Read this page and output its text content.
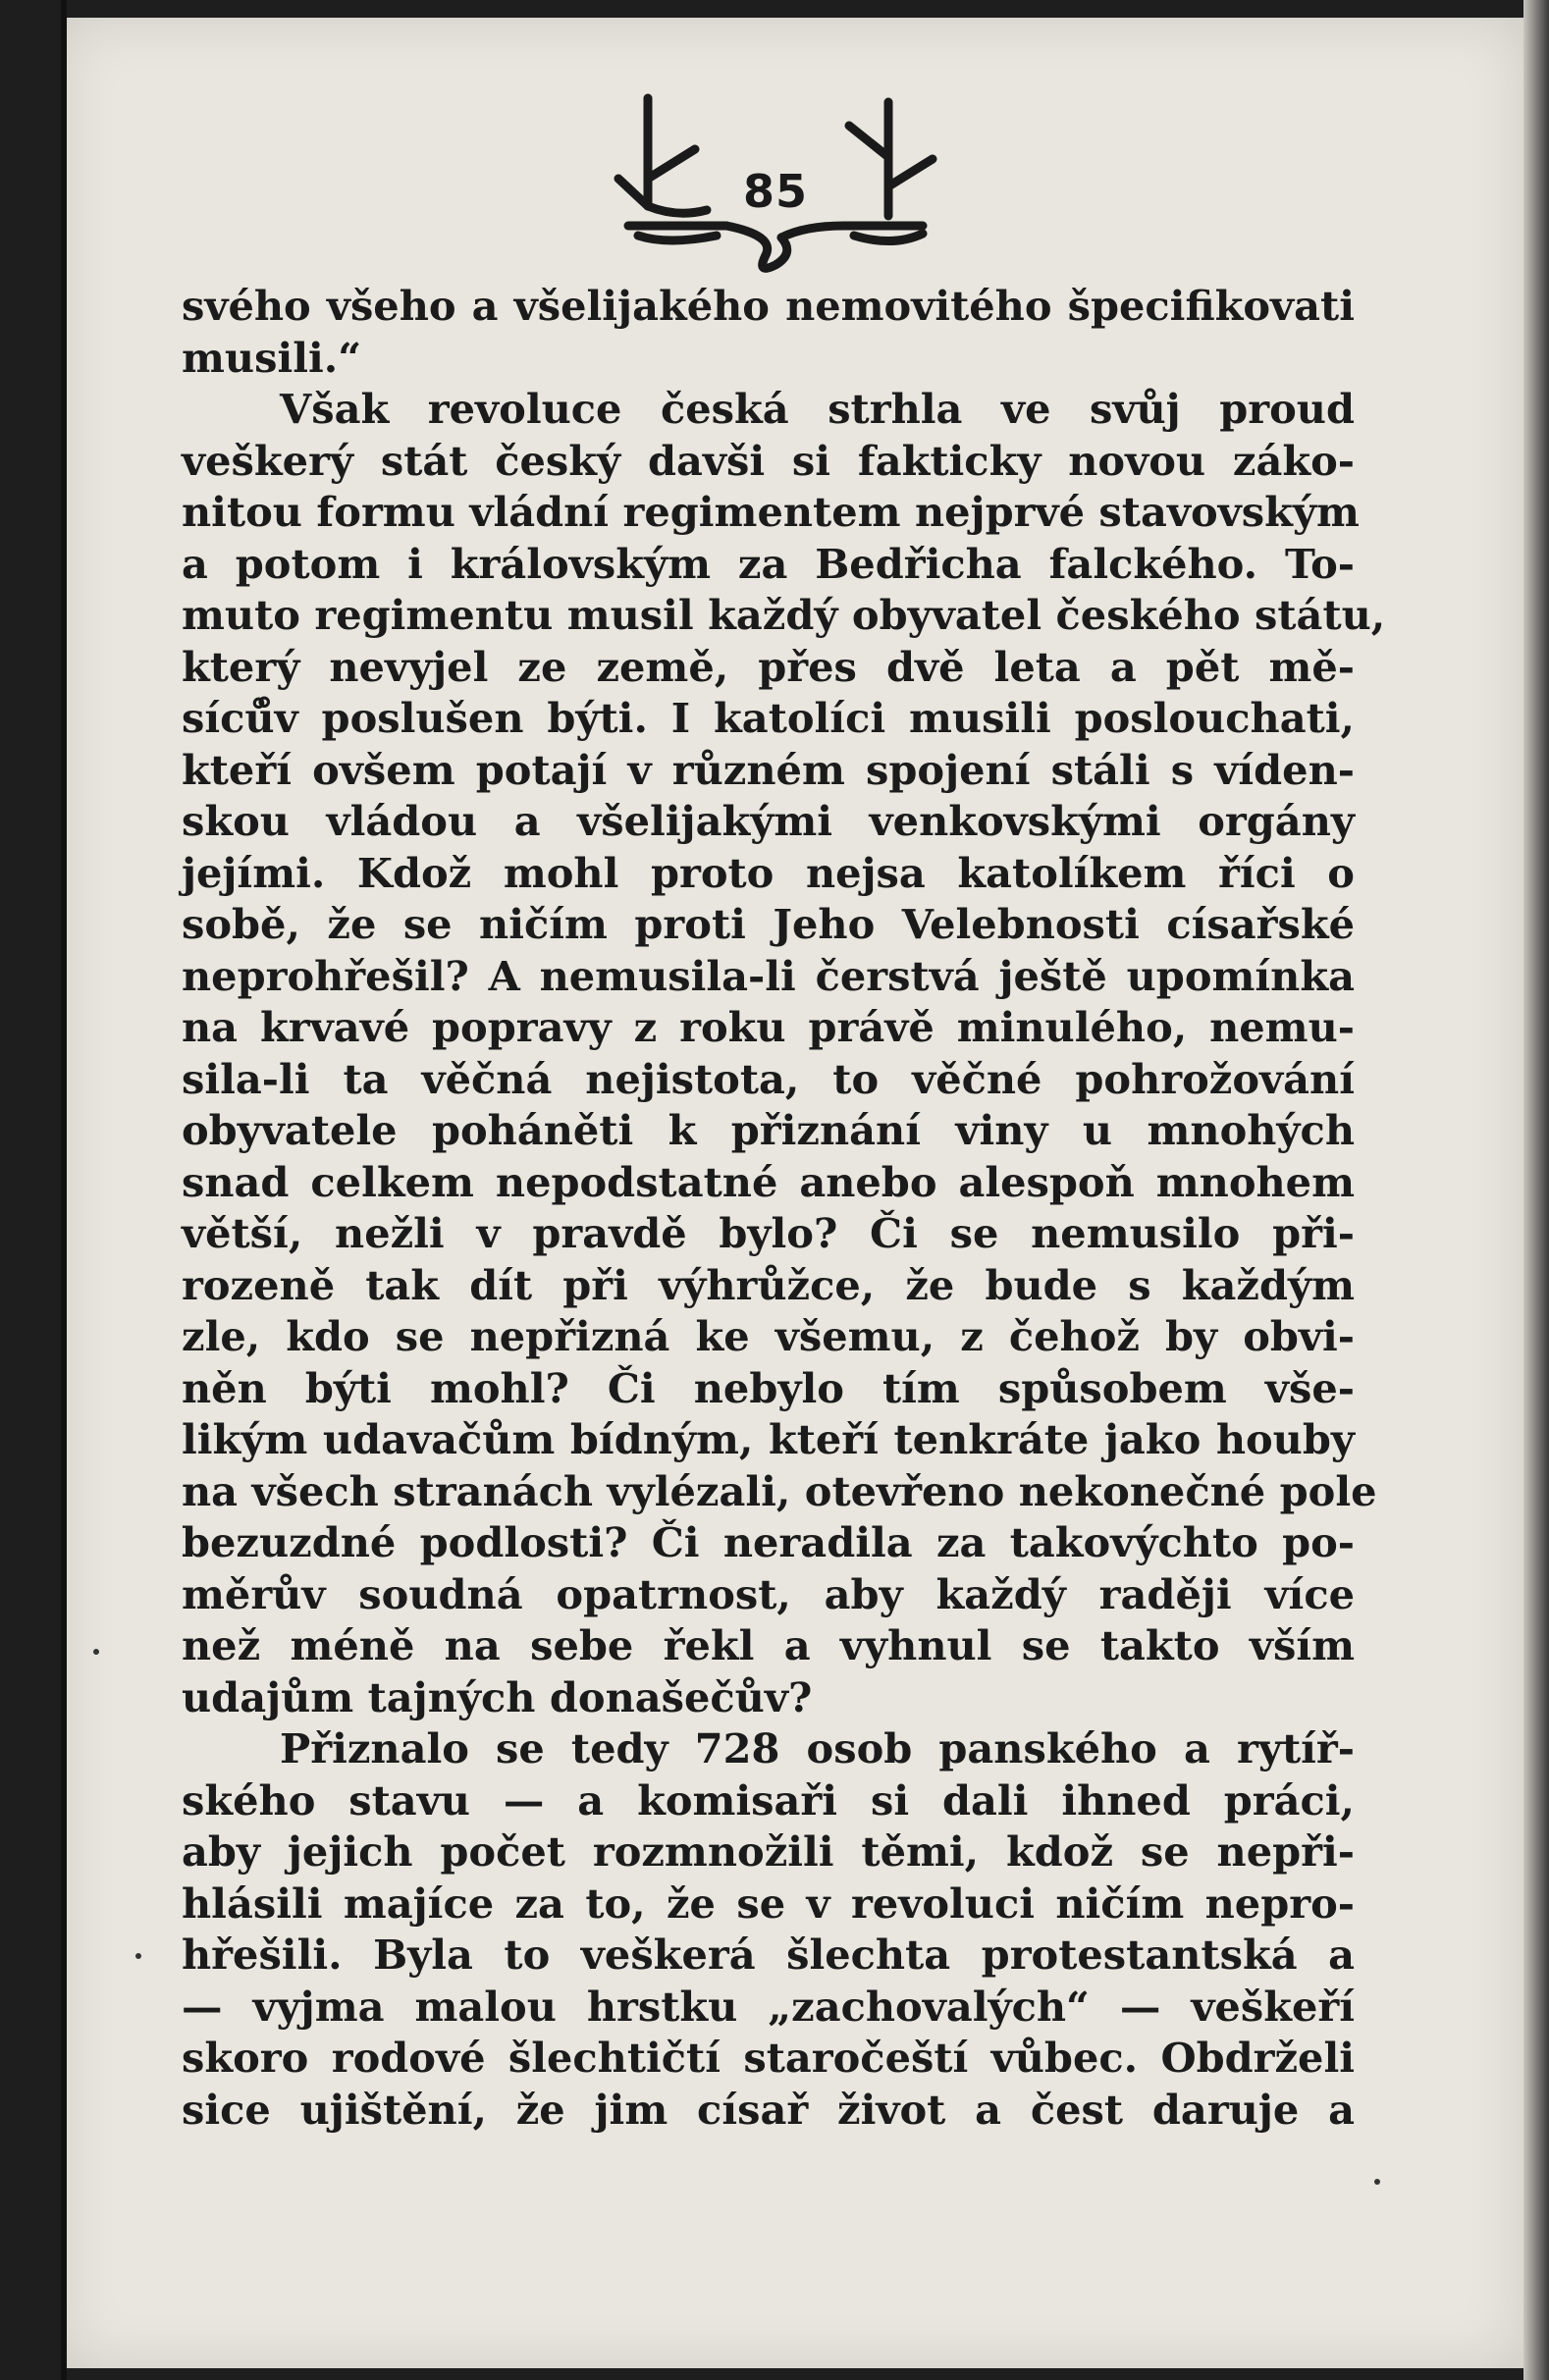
85
svého všeho a všelijakého nemovitého špecifikovati
musili.“
Však revoluce česká strhla ve svůj proud
veškerý stát český davši si fakticky novou záko-
nitou formu vládní regimentem nejprvé stavovským
a potom i královským za Bedřicha falckého. To-
muto regimentu musil každý obyvatel českého státu,
který nevyjel ze země, přes dvě leta a pět mě-
síců̊v poslušen býti. I katolíci musili poslouchati,
kteří ovšem potají v různém spojení stáli s víden-
skou vládou a všelijakými venkovskými orgány
jejími. Kdož mohl proto nejsa katolíkem říci o
sobě, že se ničím proti Jeho Velebnosti císařské
neprohřešil? A nemusila-li čerstvá ještě upomínka
na krvavé popravy z roku právě minulého, nemu-
sila-li ta věčná nejistota, to věčné pohrožování
obyvatele poháněti k přiznání viny u mnohých
snad celkem nepodstatné anebo alespoň mnohem
větší, nežli v pravdě bylo? Či se nemusilo při-
rozeně tak dít při výhrůžce, že bude s každým
zle, kdo se nepřizná ke všemu, z čehož by obvi-
něn býti mohl? Či nebylo tím spůsobem vše-
likým udavačům bídným, kteří tenkráte jako houby
na všech stranách vylézali, otevřeno nekonečné pole
bezuzdné podlosti? Či neradila za takovýchto po-
měrův soudná opatrnost, aby každý raději více
než méně na sebe řekl a vyhnul se takto vším
udajům tajných donašečův?
Přiznalo se tedy 728 osob panského a rytíř-
ského stavu — a komisaři si dali ihned práci,
aby jejich počet rozmnožili těmi, kdož se nepři-
hlásili majíce za to, že se v revoluci ničím nepro-
hřešili. Byla to veškerá šlechta protestantská a
— vyjma malou hrstku „zachovalých“ — veškeří
skoro rodové šlechtičtí staročeští vůbec. Obdrželi
sice ujištění, že jim císař život a čest daruje a
